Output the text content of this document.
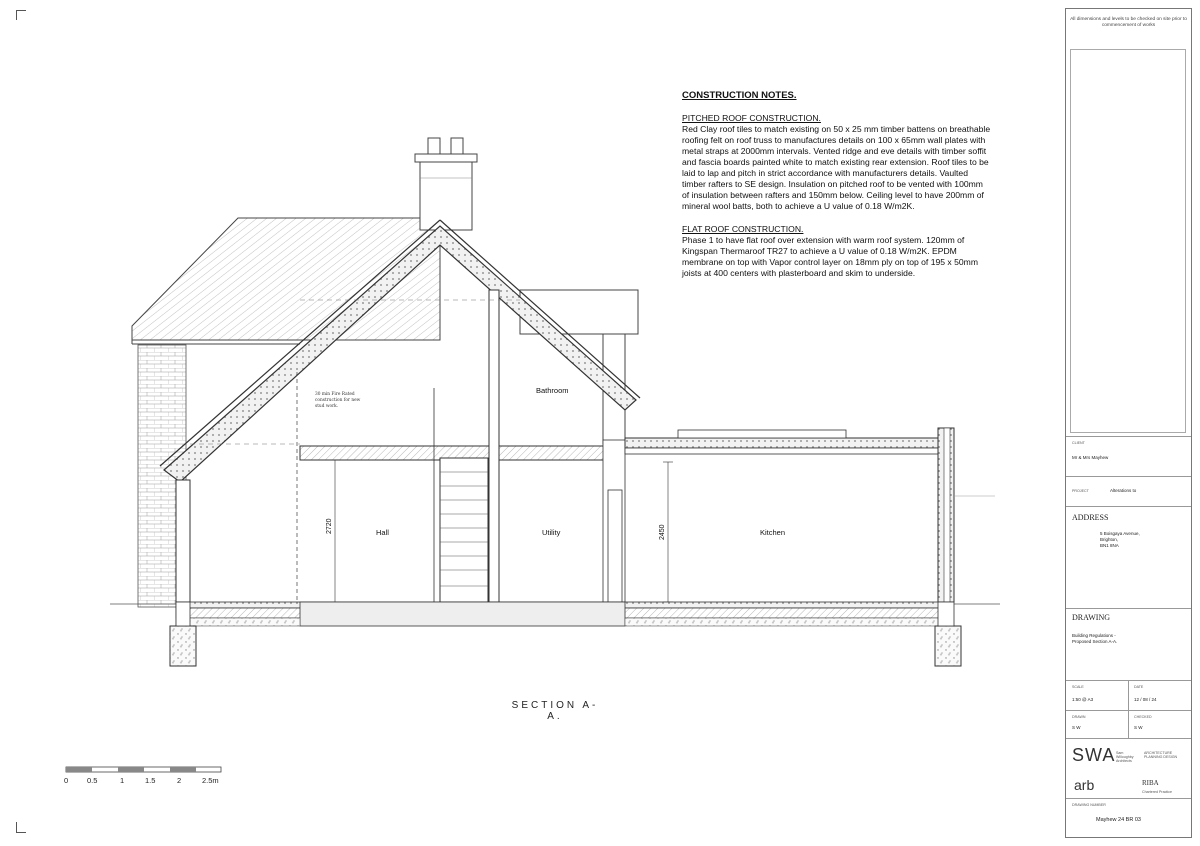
30 min Fire Rated construction for new stud work.
Bathroom
Hall	Utility	Kitchen
2720	2450
CONSTRUCTION NOTES.
PITCHED ROOF CONSTRUCTION.
Red Clay roof tiles to match existing on 50 x 25 mm timber battens on breathable roofing felt on roof truss to manufactures details on 100 x 65mm wall plates with metal straps at 2000mm intervals. Vented ridge and eve details with timber soffit and fascia boards painted white to match existing rear extension. Roof tiles to be laid to lap and pitch in strict accordance with manufacturers details. Vaulted timber rafters to SE design. Insulation on pitched roof to be vented with 100mm of insulation between rafters and 150mm below. Ceiling level to have 200mm of mineral wool batts, both to achieve a U value of 0.18 W/m2K.
FLAT ROOF CONSTRUCTION.
Phase 1 to have flat roof over extension with warm roof system. 120mm of Kingspan Thermaroof TR27 to achieve a U value of 0.18 W/m2K. EPDM membrane on top with Vapor control layer on 18mm ply on top of 195 x 50mm joists at 400 centers with plasterboard and skim to underside.
SECTION A-A.
0	0.5	1	1.5	2	2.5m
All dimensions and levels to be checked on site prior to commencement of works
CLIENT
Mr & Mrs Mayhew
PROJECT	Alterations to
ADDRESS
5 Boisgaya Avenue,
Brighton,
BN1 8NA
DRAWING
Building Regulations -
Proposed Section A-A.
SCALE
1:50 @ A3
DATE
12 / 08 / 24
DRAWN
S W
CHECKED
S W
SWA Sam Willoughby Architects
ARCHITECTURE PLANNING DESIGN
arb	RIBA
Chartered Practice
DRAWING NUMBER
Mayhew 24 BR 03
